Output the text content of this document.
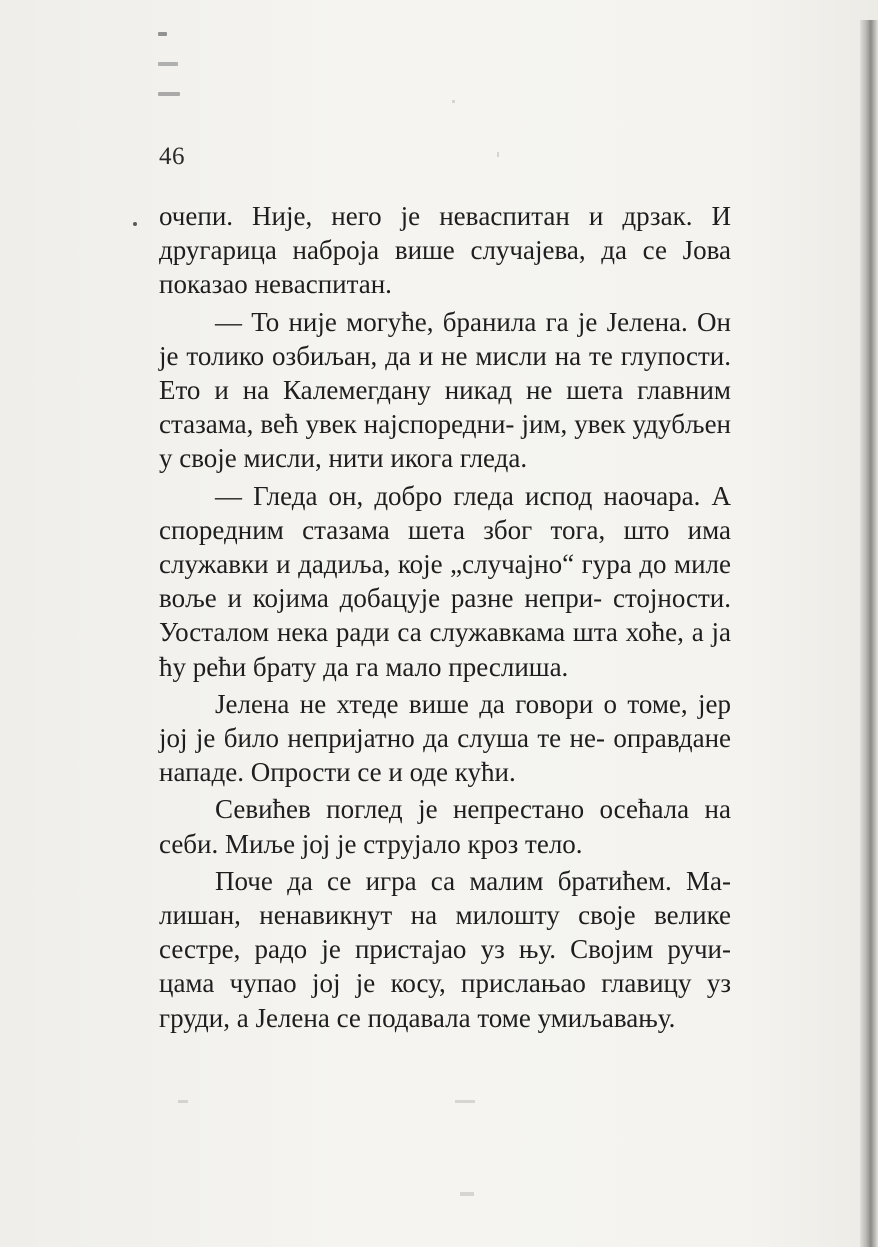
46

очепи. Није, него је невaспитан и дрзак. И другарица наброја више случајева, да се Јова показао невaспитан.

— То није могуће, бранила га је Јелена. Он је толико озбиљан, да и не мисли на те глупости. Ето и на Калемегдану никад не шета главним стазама, већ увек најспоредни- јим, увек удубљен у своје мисли, нити икога гледа.

— Гледа он, добро гледа испод наочара. А споредним стазама шета због тога, што има служавки и дадиља, које „случајно“ гура до миле воље и којима добацује разне непри- стојности. Уосталом нека ради са служавкама шта хоће, а ја ћу рећи брату да га мало преслиша.

Јелена не хтеде више да говори о томе, јер јој је било непријатно да слуша те не- оправдане нападе. Опрости се и оде кући.

Севићев поглед је непрестано осећала на себи. Миље јој је струјало кроз тело.

Поче да се игра са малим братићем. Ма- лишан, ненавикнут на милошту своје велике сестре, радо је пристајао уз њу. Својим ручи- цама чупао јој је косу, прислањао главицу уз груди, а Јелена се подавала томе умиљавању.
